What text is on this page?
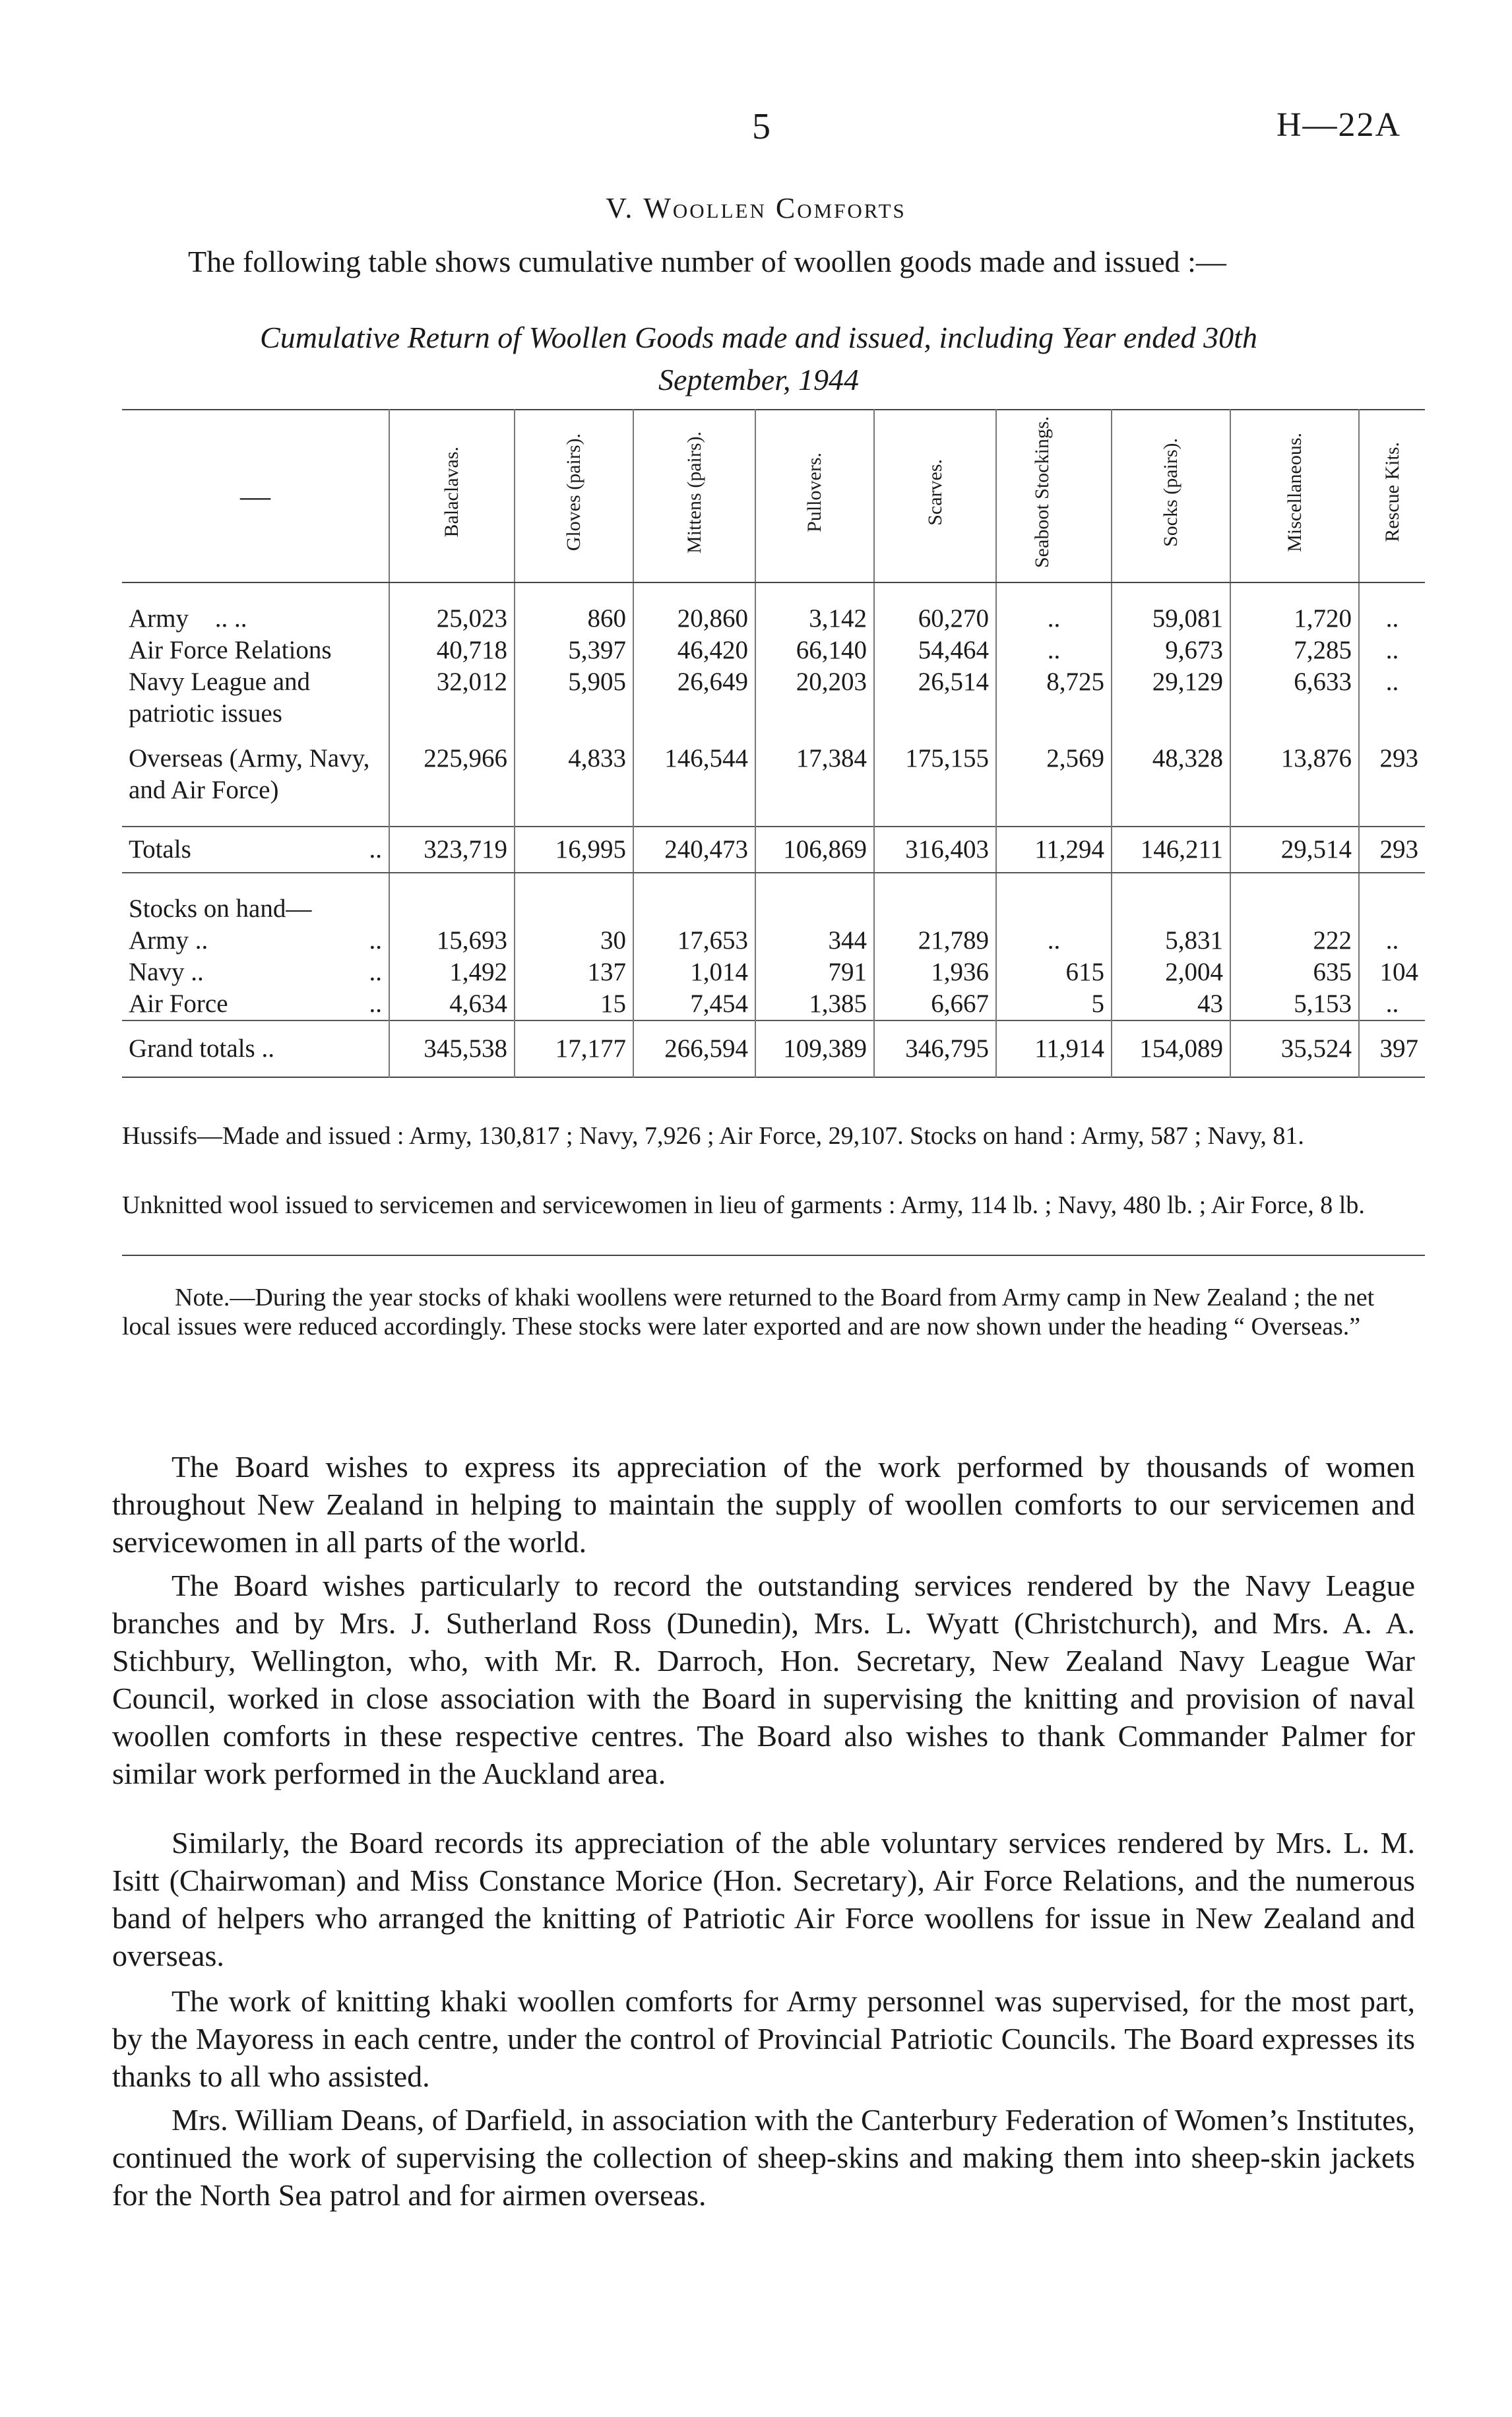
5	H—22A
V. Woollen Comforts
The following table shows cumulative number of woollen goods made and issued :—
Cumulative Return of Woollen Goods made and issued, including Year ended 30th September, 1944
—	Balaclavas.	Gloves (pairs).	Mittens (pairs).	Pullovers.	Scarves.	Seaboot Stockings.	Socks (pairs).	Miscellaneous.	Rescue Kits.

Army .. ..	25,023	860	20,860	3,142	60,270	..	59,081	1,720	..
Air Force Relations	40,718	5,397	46,420	66,140	54,464	..	9,673	7,285	..
Navy League and patriotic issues	32,012	5,905	26,649	20,203	26,514	8,725	29,129	6,633	..
Overseas (Army, Navy, and Air Force)	225,966	4,833	146,544	17,384	175,155	2,569	48,328	13,876	293

Totals ..	323,719	16,995	240,473	106,869	316,403	11,294	146,211	29,514	293

Stocks on hand—									
Army .. ..	15,693	30	17,653	344	21,789	..	5,831	222	..
Navy .. ..	1,492	137	1,014	791	1,936	615	2,004	635	104
Air Force ..	4,634	15	7,454	1,385	6,667	5	43	5,153	..
Grand totals ..	345,538	17,177	266,594	109,389	346,795	11,914	154,089	35,524	397
Hussifs—Made and issued : Army, 130,817 ; Navy, 7,926 ; Air Force, 29,107. Stocks on hand : Army, 587 ; Navy, 81.
Unknitted wool issued to servicemen and servicewomen in lieu of garments : Army, 114 lb. ; Navy, 480 lb. ; Air Force, 8 lb.
Note.—During the year stocks of khaki woollens were returned to the Board from Army camp in New Zealand ; the net local issues were reduced accordingly. These stocks were later exported and are now shown under the heading “ Overseas.”
The Board wishes to express its appreciation of the work performed by thousands of women throughout New Zealand in helping to maintain the supply of woollen comforts to our servicemen and servicewomen in all parts of the world.
The Board wishes particularly to record the outstanding services rendered by the Navy League branches and by Mrs. J. Sutherland Ross (Dunedin), Mrs. L. Wyatt (Christchurch), and Mrs. A. A. Stichbury, Wellington, who, with Mr. R. Darroch, Hon. Secretary, New Zealand Navy League War Council, worked in close association with the Board in supervising the knitting and provision of naval woollen comforts in these respective centres. The Board also wishes to thank Commander Palmer for similar work performed in the Auckland area.
Similarly, the Board records its appreciation of the able voluntary services rendered by Mrs. L. M. Isitt (Chairwoman) and Miss Constance Morice (Hon. Secretary), Air Force Relations, and the numerous band of helpers who arranged the knitting of Patriotic Air Force woollens for issue in New Zealand and overseas.
The work of knitting khaki woollen comforts for Army personnel was supervised, for the most part, by the Mayoress in each centre, under the control of Provincial Patriotic Councils. The Board expresses its thanks to all who assisted.
Mrs. William Deans, of Darfield, in association with the Canterbury Federation of Women’s Institutes, continued the work of supervising the collection of sheep-skins and making them into sheep-skin jackets for the North Sea patrol and for airmen overseas.
